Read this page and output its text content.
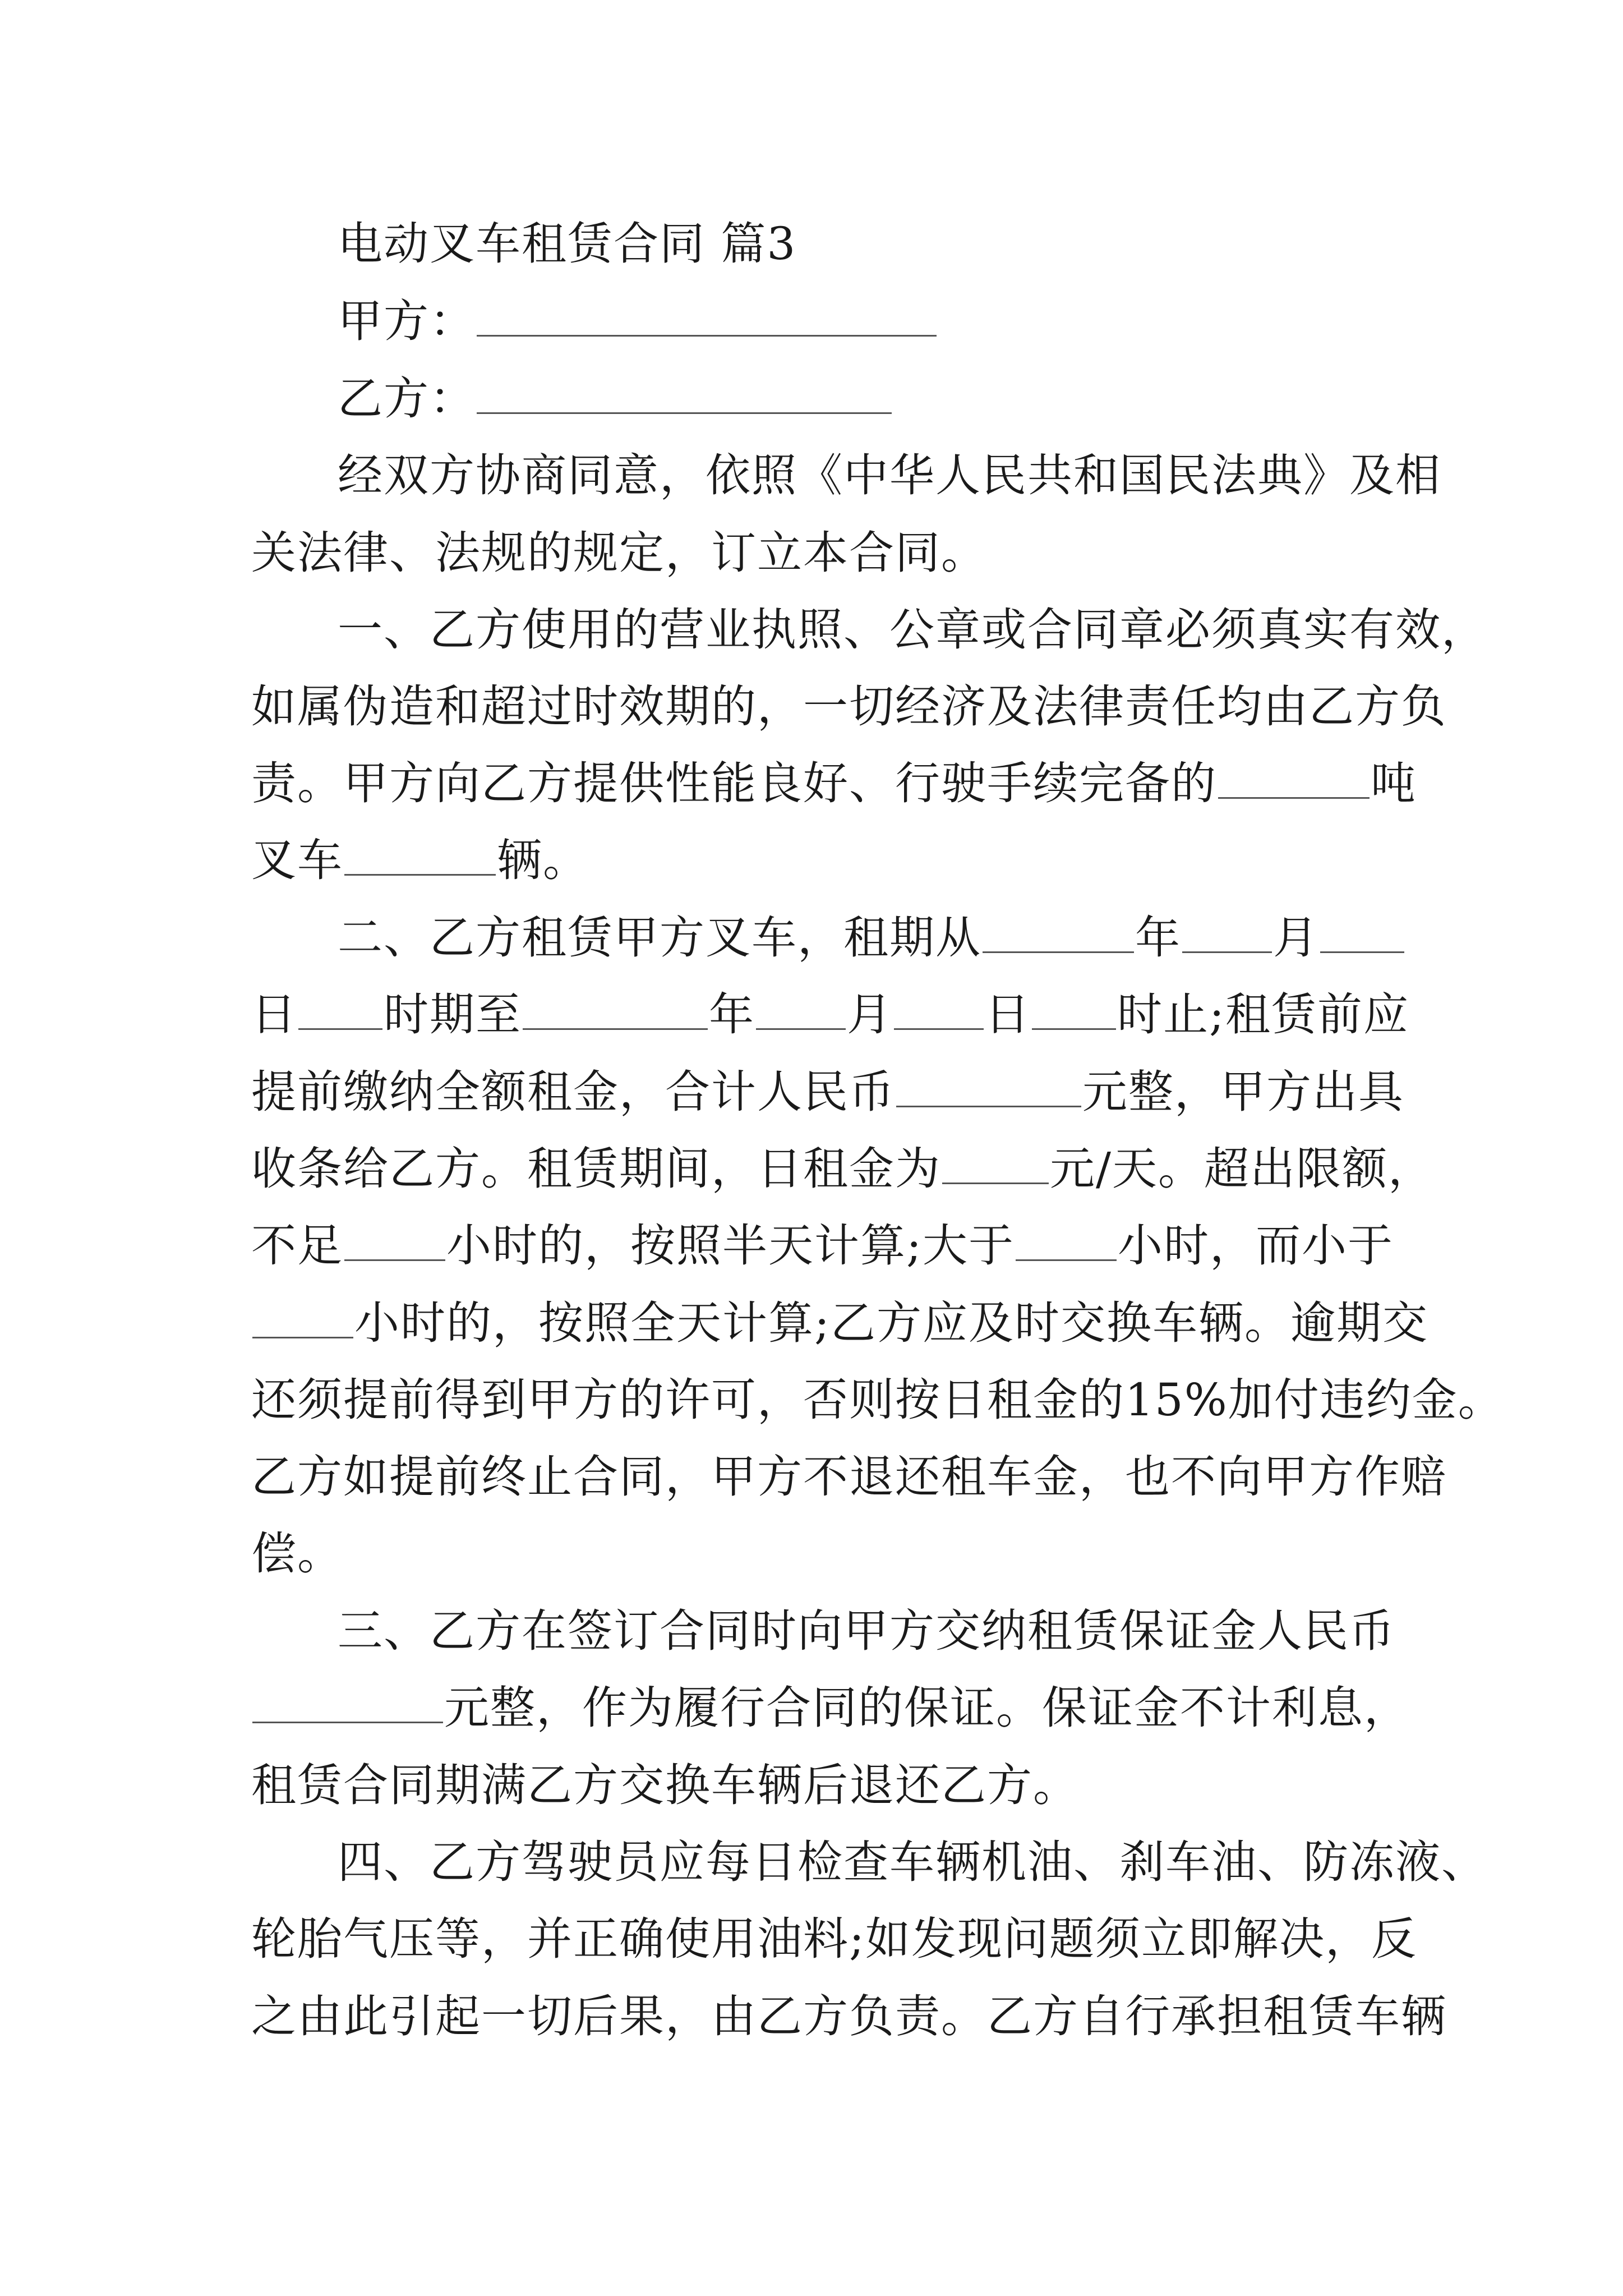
电动叉车租赁合同 篇3
甲方：
乙方：
经双方协商同意，依照《中华人民共和国民法典》及相
关法律、法规的规定，订立本合同。
一、乙方使用的营业执照、公章或合同章必须真实有效，
如属伪造和超过时效期的，一切经济及法律责任均由乙方负
责。甲方向乙方提供性能良好、行驶手续完备的	吨
叉车	辆。
二、乙方租赁甲方叉车，租期从	年 月
日 时期至	年 月 日 时止;租赁前应
提前缴纳全额租金，合计人民币	元整，甲方出具
收条给乙方。租赁期间，日租金为 元/天。超出限额，
不足 小时的，按照半天计算;大于 小时，而小于
小时的，按照全天计算;乙方应及时交换车辆。逾期交
还须提前得到甲方的许可，否则按日租金的15%加付违约金。
乙方如提前终止合同，甲方不退还租车金，也不向甲方作赔
偿。
三、乙方在签订合同时向甲方交纳租赁保证金人民币
元整，作为履行合同的保证。保证金不计利息，
租赁合同期满乙方交换车辆后退还乙方。
四、乙方驾驶员应每日检查车辆机油、刹车油、防冻液、
轮胎气压等，并正确使用油料;如发现问题须立即解决，反
之由此引起一切后果，由乙方负责。乙方自行承担租赁车辆
